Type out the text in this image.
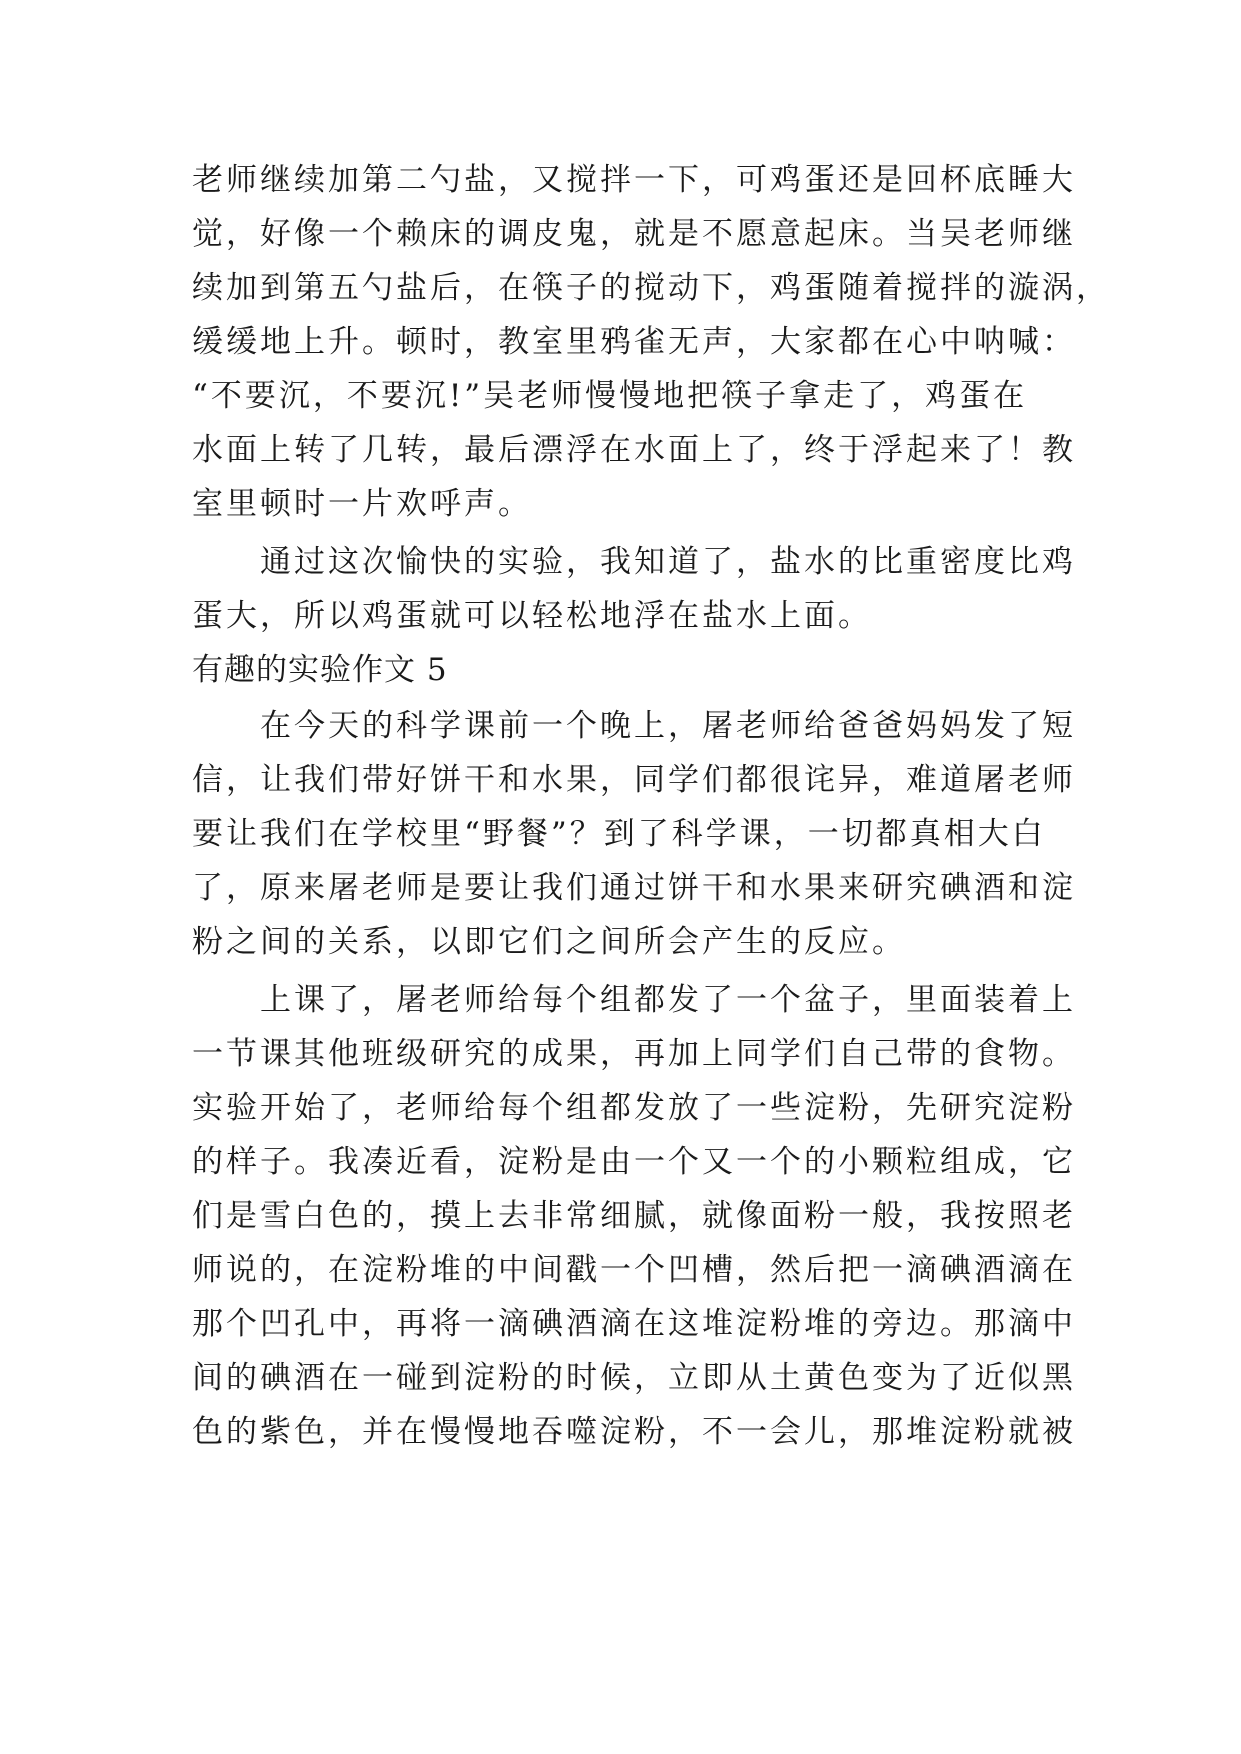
老师继续加第二勺盐，又搅拌一下，可鸡蛋还是回杯底睡大
觉，好像一个赖床的调皮鬼，就是不愿意起床。当吴老师继
续加到第五勺盐后，在筷子的搅动下，鸡蛋随着搅拌的漩涡，
缓缓地上升。顿时，教室里鸦雀无声，大家都在心中呐喊：
“不要沉，不要沉!”吴老师慢慢地把筷子拿走了，鸡蛋在
水面上转了几转，最后漂浮在水面上了，终于浮起来了！教
室里顿时一片欢呼声。
　　通过这次愉快的实验，我知道了，盐水的比重密度比鸡
蛋大，所以鸡蛋就可以轻松地浮在盐水上面。
有趣的实验作文 5
　　在今天的科学课前一个晚上，屠老师给爸爸妈妈发了短
信，让我们带好饼干和水果，同学们都很诧异，难道屠老师
要让我们在学校里“野餐”？到了科学课，一切都真相大白
了，原来屠老师是要让我们通过饼干和水果来研究碘酒和淀
粉之间的关系，以即它们之间所会产生的反应。
　　上课了，屠老师给每个组都发了一个盆子，里面装着上
一节课其他班级研究的成果，再加上同学们自己带的食物。
实验开始了，老师给每个组都发放了一些淀粉，先研究淀粉
的样子。我凑近看，淀粉是由一个又一个的小颗粒组成，它
们是雪白色的，摸上去非常细腻，就像面粉一般，我按照老
师说的，在淀粉堆的中间戳一个凹槽，然后把一滴碘酒滴在
那个凹孔中，再将一滴碘酒滴在这堆淀粉堆的旁边。那滴中
间的碘酒在一碰到淀粉的时候，立即从土黄色变为了近似黑
色的紫色，并在慢慢地吞噬淀粉，不一会儿，那堆淀粉就被
